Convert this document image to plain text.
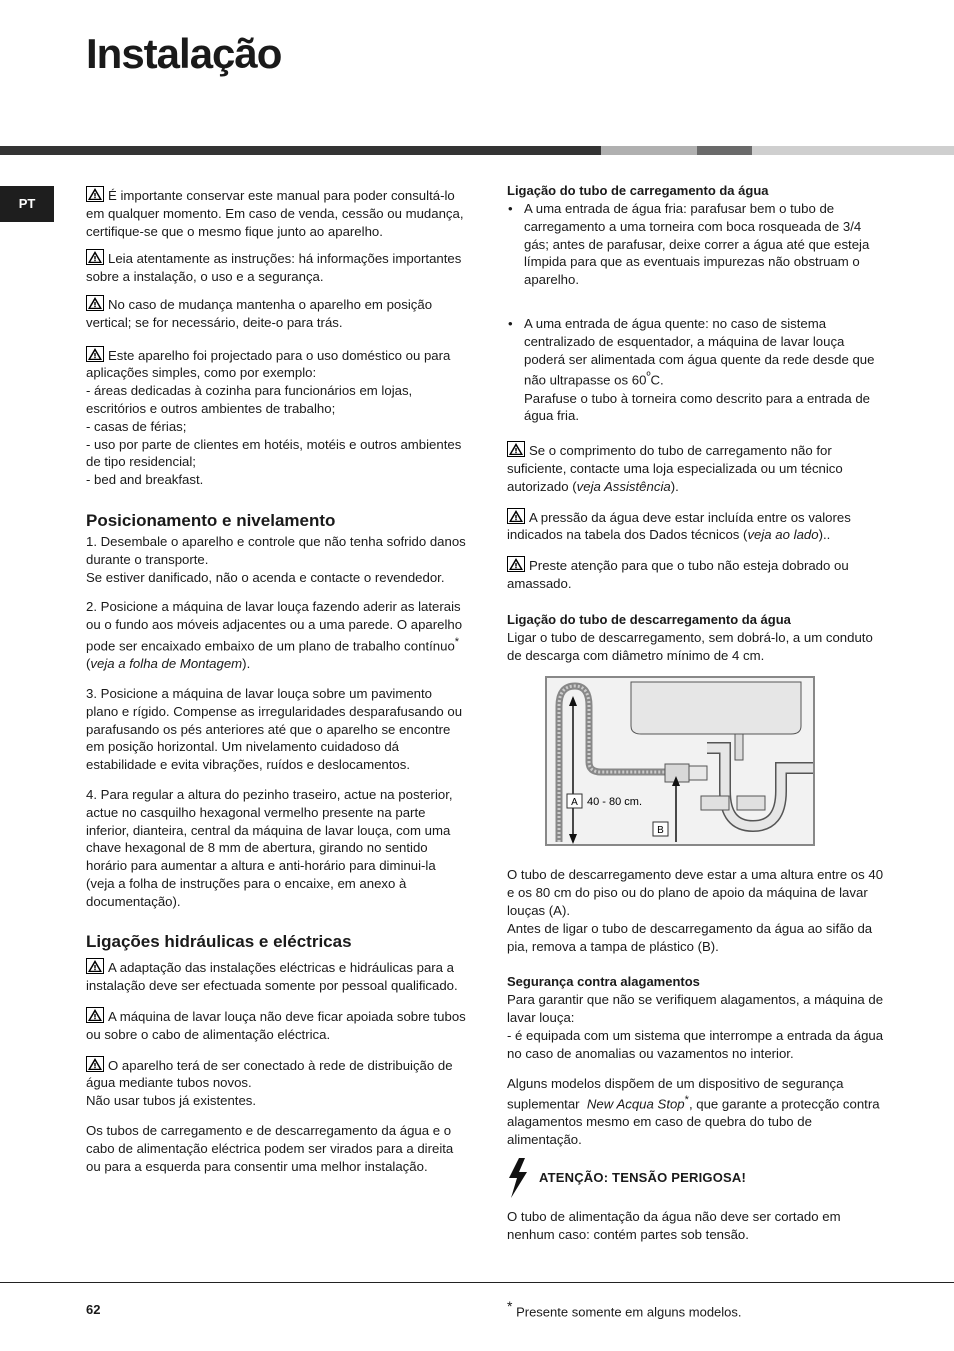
Instalação
PT

É importante conservar este manual para poder consultá-lo em qualquer momento. Em caso de venda, cessão ou mudança, certifique-se que o mesmo fique junto ao aparelho.

Leia atentamente as instruções: há informações importantes sobre a instalação, o uso e a segurança.

No caso de mudança mantenha o aparelho em posição vertical; se for necessário, deite-o para trás.

Este aparelho foi projectado para o uso doméstico ou para aplicações simples, como por exemplo:
- áreas dedicadas à cozinha para funcionários em lojas, escritórios e outros ambientes de trabalho;
- casas de férias;
- uso por parte de clientes em hotéis, motéis e outros ambientes de tipo residencial;
- bed and breakfast.

Posicionamento e nivelamento

1. Desembale o aparelho e controle que não tenha sofrido danos durante o transporte.
Se estiver danificado, não o acenda e contacte o revendedor.

2. Posicione a máquina de lavar louça fazendo aderir as laterais ou o fundo aos móveis adjacentes ou a uma parede. O aparelho pode ser encaixado embaixo de um plano de trabalho contínuo* (veja a folha de Montagem).

3. Posicione a máquina de lavar louça sobre um pavimento plano e rígido. Compense as irregularidades desparafusando ou parafusando os pés anteriores até que o aparelho se encontre em posição horizontal. Um nivelamento cuidadoso dá estabilidade e evita vibrações, ruídos e deslocamentos.

4. Para regular a altura do pezinho traseiro, actue na posterior, actue no casquilho hexagonal vermelho presente na parte inferior, dianteira, central da máquina de lavar louça, com uma chave hexagonal de 8 mm de abertura, girando no sentido horário para aumentar a altura e anti-horário para diminui-la (veja a folha de instruções para o encaixe, em anexo à documentação).

Ligações hidráulicas e eléctricas

A adaptação das instalações eléctricas e hidráulicas para a instalação deve ser efectuada somente por pessoal qualificado.

A máquina de lavar louça não deve ficar apoiada sobre tubos ou sobre o cabo de alimentação eléctrica.

O aparelho terá de ser conectado à rede de distribuição de água mediante tubos novos.
Não usar tubos já existentes.

Os tubos de carregamento e de descarregamento da água e o cabo de alimentação eléctrica podem ser virados para a direita ou para a esquerda para consentir uma melhor instalação.

Ligação do tubo de carregamento da água
• A uma entrada de água fria: parafusar bem o tubo de carregamento a uma torneira com boca rosqueada de 3/4 gás; antes de parafusar, deixe correr a água até que esteja límpida para que as eventuais impurezas não obstruam o aparelho.
• A uma entrada de água quente: no caso de sistema centralizado de esquentador, a máquina de lavar louça poderá ser alimentada com água quente da rede desde que não ultrapasse os $60^ºC$.
Parafuse o tubo à torneira como descrito para a entrada de água fria.

Se o comprimento do tubo de carregamento não for suficiente, contacte uma loja especializada ou um técnico autorizado (veja Assistência).

A pressão da água deve estar incluída entre os valores indicados na tabela dos Dados técnicos (veja ao lado)..

Preste atenção para que o tubo não esteja dobrado ou amassado.

Ligação do tubo de descarregamento da água

Ligar o tubo de descarregamento, sem dobrá-lo, a um conduto de descarga com diâmetro mínimo de 4 cm.

A 40 - 80 cm.
B

O tubo de descarregamento deve estar a uma altura entre os 40 e os 80 cm do piso ou do plano de apoio da máquina de lavar louças (A).

Antes de ligar o tubo de descarregamento da água ao sifão da pia, remova a tampa de plástico (B).

Segurança contra alagamentos

Para garantir que não se verifiquem alagamentos, a máquina de lavar louça:
- é equipada com um sistema que interrompe a entrada da água no caso de anomalias ou vazamentos no interior.

Alguns modelos dispõem de um dispositivo de segurança suplementar New Acqua Stop*, que garante a protecção contra alagamentos mesmo em caso de quebra do tubo de alimentação.

ATENÇÃO: TENSÃO PERIGOSA!

O tubo de alimentação da água não deve ser cortado em nenhum caso: contém partes sob tensão.

62	* Presente somente em alguns modelos.
